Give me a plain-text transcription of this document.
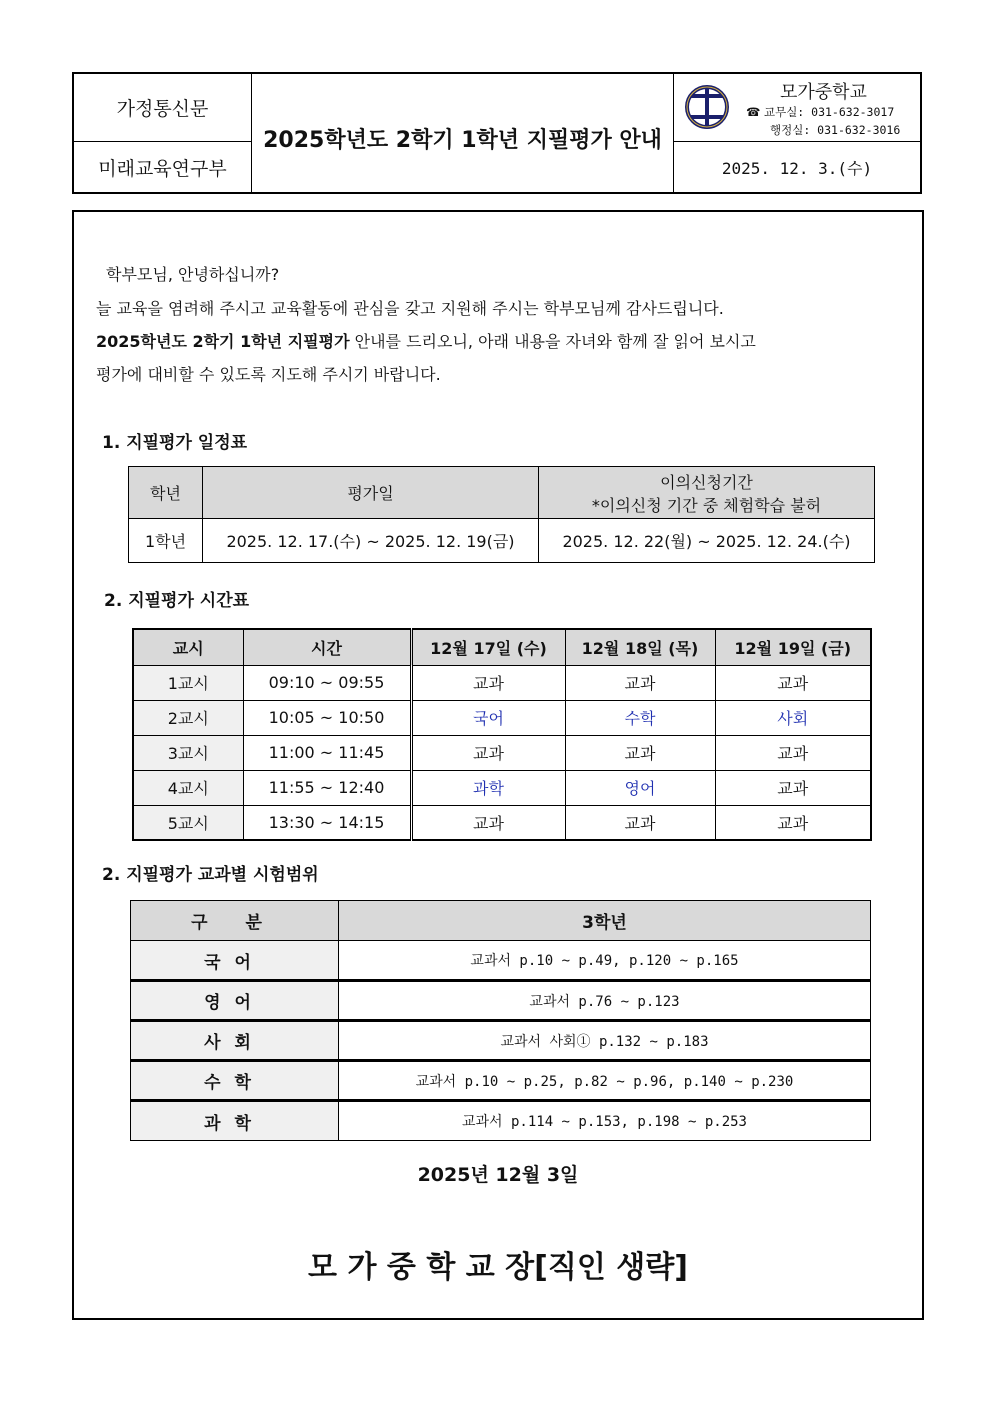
가정통신문
미래교육연구부
2025학년도 2학기 1학년 지필평가 안내
모가중학교
☎ 교무실: 031-632-3017
행정실: 031-632-3016
2025. 12. 3.(수)
학부모님, 안녕하십니까?
늘 교육을 염려해 주시고 교육활동에 관심을 갖고 지원해 주시는 학부모님께 감사드립니다.
2025학년도 2학기 1학년 지필평가 안내를 드리오니, 아래 내용을 자녀와 함께 잘 읽어 보시고
평가에 대비할 수 있도록 지도해 주시기 바랍니다.
1. 지필평가 일정표
학년	평가일	이의신청기간
*이의신청 기간 중 체험학습 불허

1학년	2025. 12. 17.(수) ~ 2025. 12. 19(금)	2025. 12. 22(월) ~ 2025. 12. 24.(수)
2. 지필평가 시간표
교시	시간	12월 17일 (수)	12월 18일 (목)	12월 19일 (금)
1교시	09:10 ~ 09:55	교과	교과	교과
2교시	10:05 ~ 10:50	국어	수학	사회
3교시	11:00 ~ 11:45	교과	교과	교과
4교시	11:55 ~ 12:40	과학	영어	교과
5교시	13:30 ~ 14:15	교과	교과	교과
2. 지필평가 교과별 시험범위
구 분	3학년
국어	교과서 p.10 ~ p.49, p.120 ~ p.165
영어	교과서 p.76 ~ p.123
사회	교과서 사회① p.132 ~ p.183
수학	교과서 p.10 ~ p.25, p.82 ~ p.96, p.140 ~ p.230
과학	교과서 p.114 ~ p.153, p.198 ~ p.253
2025년 12월 3일
모 가 중 학 교 장[직인 생략]
